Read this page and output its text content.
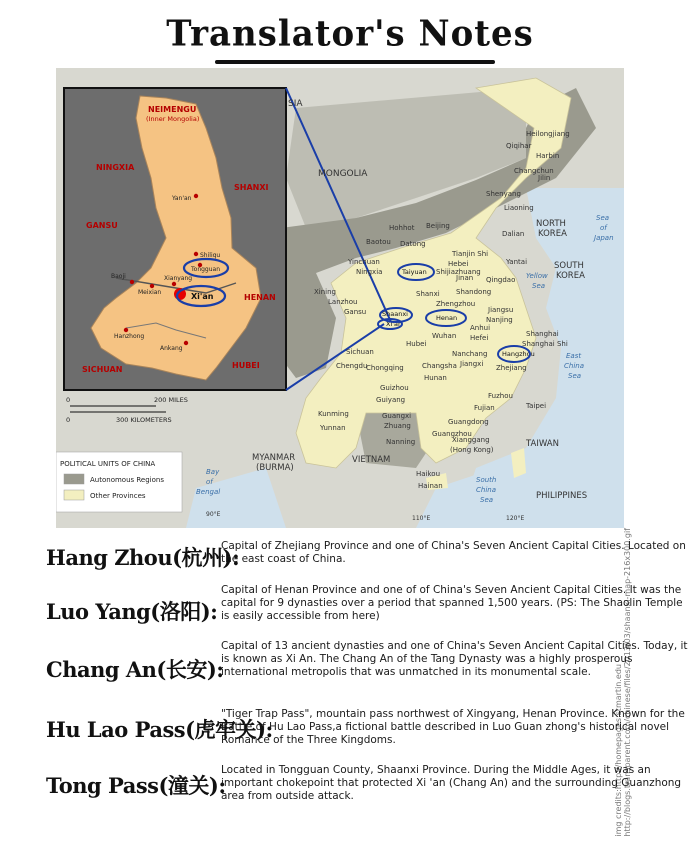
Translator's Notes
NEIMENGU
(Inner Mongolia)
NINGXIA
SHANXI
GANSU
HENAN
SICHUAN	HUBEI
Yan'an
Shiliqu
Tongguan
Baoji
Meixian
Xianyang
Xi'an
Hanzhong
Ankang
0	200 MILES
0	300 KILOMETERS
POLITICAL UNITS OF CHINA
Autonomous Regions
Other Provinces
SIA
MONGOLIA
Heilongjiang
Qiqihar
Harbin
Jilin
Changchun
Liaoning
NORTH
KOREA
Sea
of
Japan
Shenyang
Dalian
Beijing
Hohhot
Baotou Datong
Tianjin Shi
Hebei
Shijiazhuang
Taiyuan
Yantai
Qingdao
Jinan
Shandong
Yellow
Sea
SOUTH
KOREA
Ningxia
Yinchuan
Shanxi
Zhengzhou
Henan
Xining
Lanzhou
Gansu Shaanxi
Xi'an
Jiangsu
Nanjing
Anhui
Hefei	Shanghai
Shanghai Shi
Hangzhou
Zhejiang
Wuhan
Hubei
Sichuan
Chengdu
Chongqing	Changsha
Hunan
Jiangxi
Nanchang
Fuzhou
Fujian	Taipei
TAIWAN
East
China
Sea
Guizhou
Guiyang
Kunming
Yunnan
Guangxi
Zhuang
Nanning
Guangdong
Guangzhou
Xianggang
(Hong Kong)
Haikou
Hainan
MYANMAR
(BURMA)
VIETNAM
Bay
of
Bengal
South
China
Sea	PHILIPPINES
90°E
110°E	120°E
img credits:http://homepages.stmartin.edu http://blogs.transparent.com/chinese/files/2013/03/shaanxi-map-216x300.gif
Hang Zhou(杭州):
Capital of Zhejiang Province and one of China's Seven Ancient Capital Cities. Located on the east coast of China.
Luo Yang(洛阳):
Capital of Henan Province and one of of China's Seven Ancient Capital Cities. It was the capital for 9 dynasties over a period that spanned 1,500 years. (PS: The Shaolin Temple is easily accessible from here)
Chang An(长安):
Capital of 13 ancient dynasties and one of China's Seven Ancient Capital Cities. Today, it is known as Xi An. The Chang An of the Tang Dynasty was a highly prosperous international metropolis that was unmatched in its monumental scale.
Hu Lao Pass(虎牢关):
"Tiger Trap Pass", mountain pass northwest of Xingyang, Henan Province. Known for the Battle of Hu Lao Pass,a fictional battle described in Luo Guan zhong's historical novel Romance of the Three Kingdoms.
Tong Pass(潼关):
Located in Tongguan County, Shaanxi Province. During the Middle Ages, it was an important chokepoint that protected Xi 'an (Chang An) and the surrounding Guanzhong area from outside attack.
